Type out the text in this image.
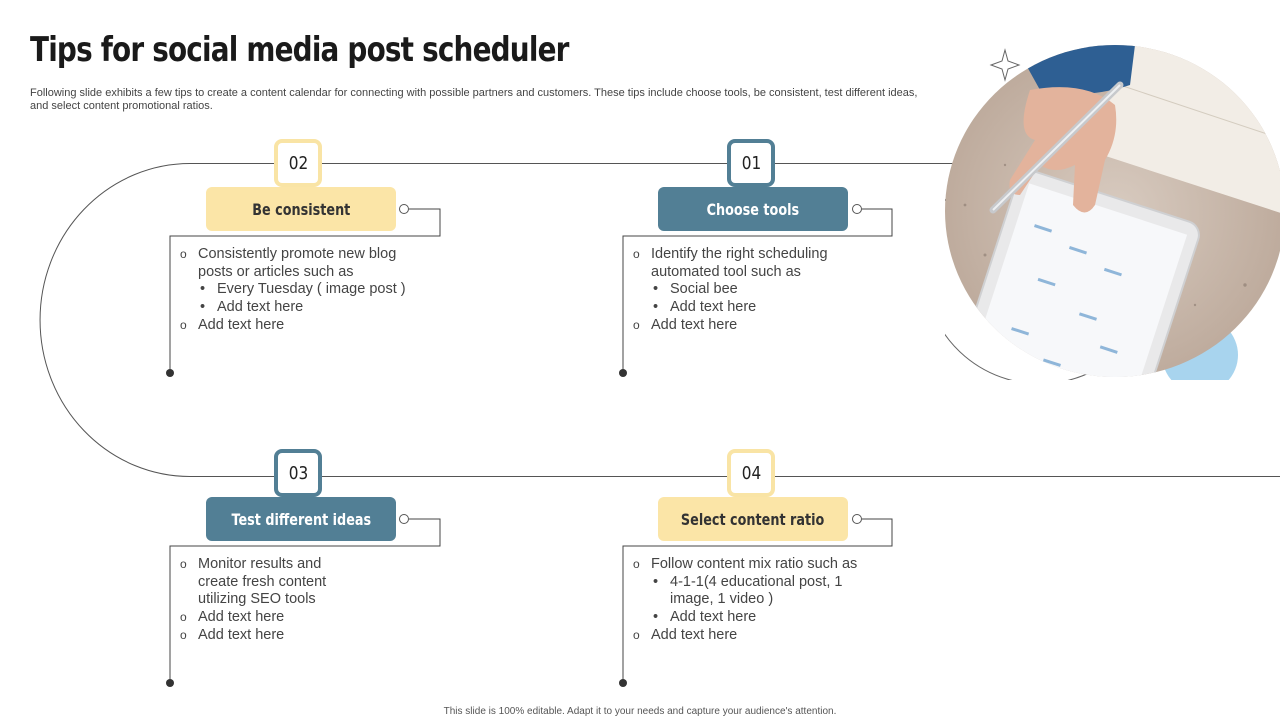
Tips for social media post scheduler
Following slide exhibits a few tips to create a content calendar for connecting with possible partners and customers. These tips include choose tools, be consistent, test different ideas, and select content promotional ratios.
02
Be consistent
o Consistently promote new blog posts or articles such as
• Every Tuesday ( image post )
• Add text here
o Add text here
01
Choose tools
o Identify the right scheduling automated tool such as
• Social bee
• Add text here
o Add text here
03
Test different ideas
o Monitor results and create fresh content utilizing SEO tools
o Add text here
o Add text here
04
Select content ratio
o Follow content mix ratio such as
• 4-1-1(4 educational post, 1 image, 1 video )
• Add text here
o Add text here
This slide is 100% editable. Adapt it to your needs and capture your audience's attention.
